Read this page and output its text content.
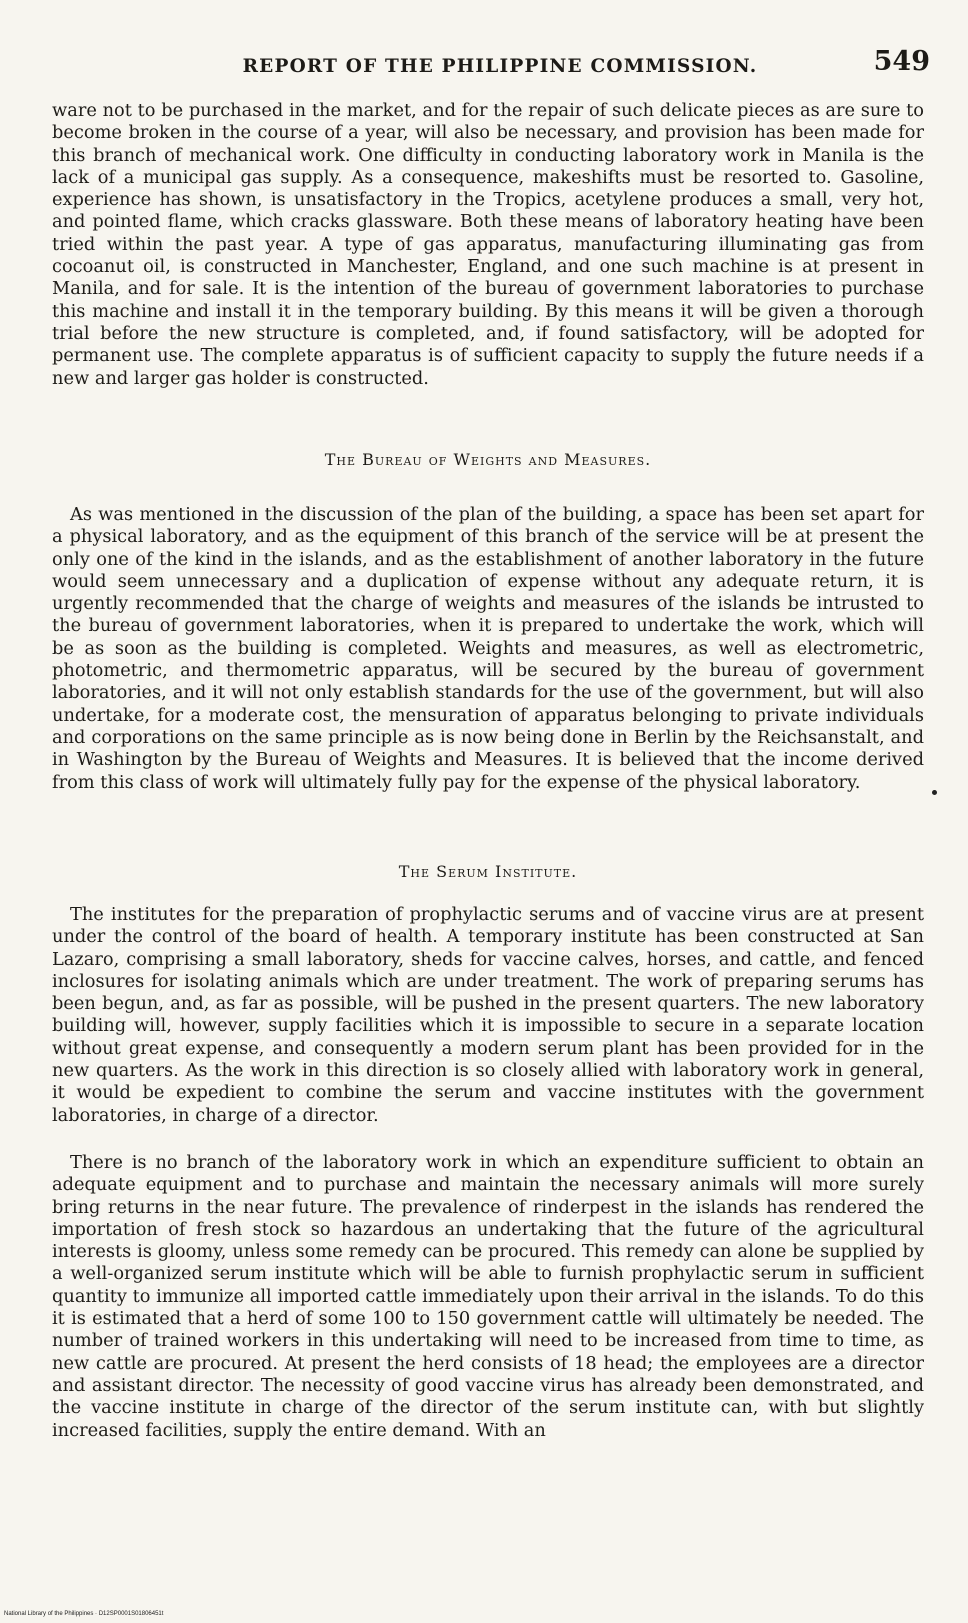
REPORT OF THE PHILIPPINE COMMISSION.	549

ware not to be purchased in the market, and for the repair of such delicate pieces as are sure to become broken in the course of a year, will also be necessary, and provision has been made for this branch of mechanical work. One difficulty in conducting laboratory work in Manila is the lack of a municipal gas supply. As a consequence, makeshifts must be resorted to. Gasoline, experience has shown, is unsatisfactory in the Tropics, acetylene produces a small, very hot, and pointed flame, which cracks glassware. Both these means of laboratory heating have been tried within the past year. A type of gas apparatus, manufacturing illuminating gas from cocoanut oil, is constructed in Manchester, England, and one such machine is at present in Manila, and for sale. It is the intention of the bureau of government laboratories to purchase this machine and install it in the temporary building. By this means it will be given a thorough trial before the new structure is completed, and, if found satisfactory, will be adopted for permanent use. The complete apparatus is of sufficient capacity to supply the future needs if a new and larger gas holder is constructed.

The Bureau of Weights and Measures.

As was mentioned in the discussion of the plan of the building, a space has been set apart for a physical laboratory, and as the equipment of this branch of the service will be at present the only one of the kind in the islands, and as the establishment of another laboratory in the future would seem unnecessary and a duplication of expense without any adequate return, it is urgently recommended that the charge of weights and measures of the islands be intrusted to the bureau of government laboratories, when it is prepared to undertake the work, which will be as soon as the building is completed. Weights and measures, as well as electrometric, photometric, and thermometric apparatus, will be secured by the bureau of government laboratories, and it will not only establish standards for the use of the government, but will also undertake, for a moderate cost, the mensuration of apparatus belonging to private individuals and corporations on the same principle as is now being done in Berlin by the Reichsanstalt, and in Washington by the Bureau of Weights and Measures. It is believed that the income derived from this class of work will ultimately fully pay for the expense of the physical laboratory.

The Serum Institute.

The institutes for the preparation of prophylactic serums and of vaccine virus are at present under the control of the board of health. A temporary institute has been constructed at San Lazaro, comprising a small laboratory, sheds for vaccine calves, horses, and cattle, and fenced inclosures for isolating animals which are under treatment. The work of preparing serums has been begun, and, as far as possible, will be pushed in the present quarters. The new laboratory building will, however, supply facilities which it is impossible to secure in a separate location without great expense, and consequently a modern serum plant has been provided for in the new quarters. As the work in this direction is so closely allied with laboratory work in general, it would be expedient to combine the serum and vaccine institutes with the government laboratories, in charge of a director.

There is no branch of the laboratory work in which an expenditure sufficient to obtain an adequate equipment and to purchase and maintain the necessary animals will more surely bring returns in the near future. The prevalence of rinderpest in the islands has rendered the importation of fresh stock so hazardous an undertaking that the future of the agricultural interests is gloomy, unless some remedy can be procured. This remedy can alone be supplied by a well-organized serum institute which will be able to furnish prophylactic serum in sufficient quantity to immunize all imported cattle immediately upon their arrival in the islands. To do this it is estimated that a herd of some 100 to 150 government cattle will ultimately be needed. The number of trained workers in this undertaking will need to be increased from time to time, as new cattle are procured. At present the herd consists of 18 head; the employees are a director and assistant director. The necessity of good vaccine virus has already been demonstrated, and the vaccine institute in charge of the director of the serum institute can, with but slightly increased facilities, supply the entire demand. With an

National Library of the Philippines · D12SP0001S01806451t
